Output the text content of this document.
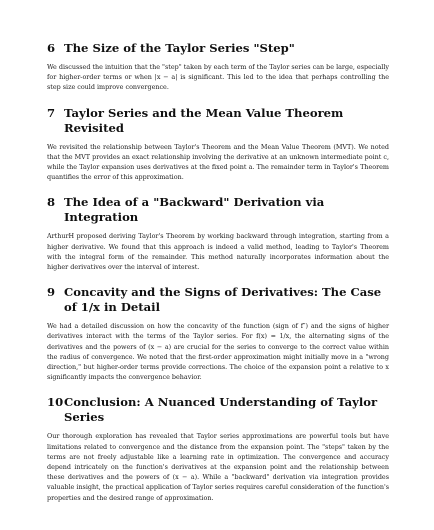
6 The Size of the Taylor Series "Step"

We discussed the intuition that the "step" taken by each term of the Taylor series can be large, especially for higher-order terms or when |x − a| is significant. This led to the idea that perhaps controlling the step size could improve convergence.

7 Taylor Series and the Mean Value Theorem Revisited

We revisited the relationship between Taylor's Theorem and the Mean Value Theorem (MVT). We noted that the MVT provides an exact relationship involving the derivative at an unknown intermediate point c, while the Taylor expansion uses derivatives at the fixed point a. The remainder term in Taylor's Theorem quantifies the error of this approximation.

8 The Idea of a "Backward" Derivation via Integration

ArthurH proposed deriving Taylor's Theorem by working backward through integration, starting from a higher derivative. We found that this approach is indeed a valid method, leading to Taylor's Theorem with the integral form of the remainder. This method naturally incorporates information about the higher derivatives over the interval of interest.

9 Concavity and the Signs of Derivatives: The Case of 1/x in Detail

We had a detailed discussion on how the concavity of the function (sign of f″) and the signs of higher derivatives interact with the terms of the Taylor series. For f(x) = 1/x, the alternating signs of the derivatives and the powers of (x − a) are crucial for the series to converge to the correct value within the radius of convergence. We noted that the first-order approximation might initially move in a "wrong direction," but higher-order terms provide corrections. The choice of the expansion point a relative to x significantly impacts the convergence behavior.

10 Conclusion: A Nuanced Understanding of Taylor Series

Our thorough exploration has revealed that Taylor series approximations are powerful tools but have limitations related to convergence and the distance from the expansion point. The "steps" taken by the terms are not freely adjustable like a learning rate in optimization. The convergence and accuracy depend intricately on the function's derivatives at the expansion point and the relationship between these derivatives and the powers of (x − a). While a "backward" derivation via integration provides valuable insight, the practical application of Taylor series requires careful consideration of the function's properties and the desired range of approximation.
